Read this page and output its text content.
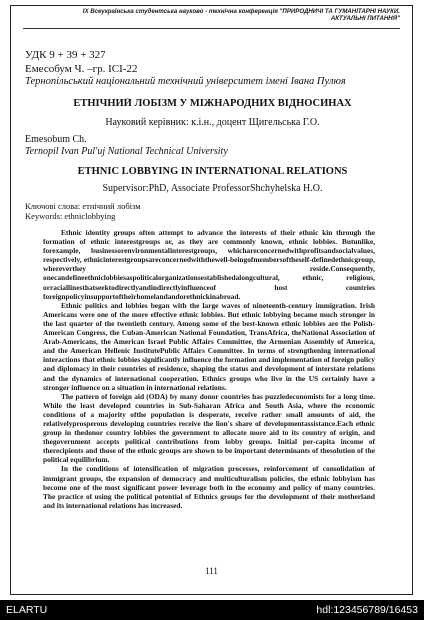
IX Всеукраїнська студентська науково - технічна конференція "ПРИРОДНИЧІ ТА ГУМАНІТАРНІ НАУКИ. АКТУАЛЬНІ ПИТАННЯ"
УДК 9 + 39 + 327
Емесобум Ч. –гр. ІСІ-22
Тернопільський національний технічний університет імені Івана Пулюя
ЕТНІЧНИЙ ЛОБІЗМ У МІЖНАРОДНИХ ВІДНОСИНАХ
Науковий керівник: к.і.н., доцент Щигельська Г.О.
Emesobum Ch.
Ternopil Ivan Pul'uj National Technical University
ETHNIC LOBBYING IN INTERNATIONAL RELATIONS
Supervisor:PhD, Associate ProfessorShchyhelska H.O.
Ключові слова: етнічний лобізм
Keywords: ethniclobbying

Ethnic identity groups often attempt to advance the interests of their ethnic kin through the formation of ethnic interestgroups or, as they are commonly known, ethnic lobbies. Butunlike, forexample, businessorenvironmentalinterestgroups, whichareconcernedwithprofitsandsocialvalues, respectively, ethnicinterestgroupsareconcernedwiththewell-beingofmembersoftheself-definedethnicgroup, whereverthey reside.Consequently, onecandefineethniclobbiesaspoliticalorganizationsestablishedalongcultural, ethnic, religious, orraciallinesthatseektodirectlyandindirectlyinfluenceof host countries foreignpolicyinsupportoftheirhomelandandorethnickinabroad.

Ethnic politics and lobbies began with the large waves of nineteenth-century immigration. Irish Americans were one of the more effective ethnic lobbies. But ethnic lobbying became much stronger in the last quarter of the twentieth century. Among some of the best-known ethnic lobbies are the Polish-American Congress, the Cuban-American National Foundation, TransAfrica, theNational Association of Arab-Americans, the American Israel Public Affairs Committee, the Armenian Assembly of America, and the American Hellenic InstitutePublic Affairs Committee. In terms of strengthening international interactions that ethnic lobbies significantly influence the formation and implementation of foreign policy and diplomacy in their countries of residence, shaping the status and development of interstate relations and the dynamics of international cooperation. Ethnics groups who live in the US certainly have a stronger influence on a situation in international relations.

The pattern of foreign aid (ODA) by many donor countries has puzzledeconomists for a long time. While the least developed countries in Sub-Saharan Africa and South Asia, where the economic conditions of a majority ofthe population is desperate, receive rather small amounts of aid, the relativelyprosperous developing countries receive the lion's share of developmentassistance.Each ethnic group in thedonor country lobbies the government to allocate more aid to its country of origin, and thegovernment accepts political contributions from lobby groups. Initial per-capita income of therecipients and those of the ethnic groups are shown to be important determinants of thesolution of the political equilibrium.

In the conditions of intensification of migration processes, reinforcement of consolidation of immigrant groups, the expansion of democracy and multiculturalism policies, the ethnic lobbyism has become one of the most significant power leverage both in the economy and policy of many countries. The practice of using the political potential of Ethnics groups for the development of their motherland and its international relations has increased.

111
ELARTU	hdl:123456789/16453
